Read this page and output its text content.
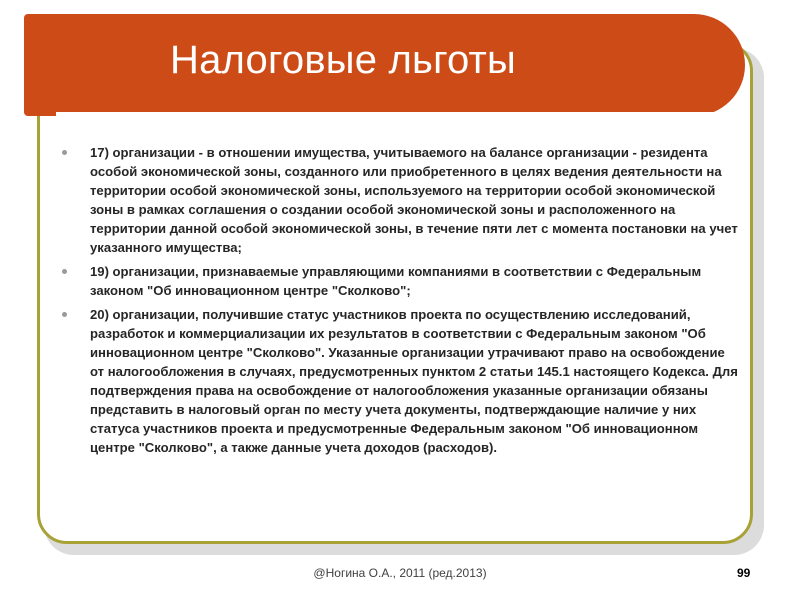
Налоговые льготы
17) организации - в отношении имущества, учитываемого на балансе организации - резидента особой экономической зоны, созданного или приобретенного в целях ведения деятельности на территории особой экономической зоны, используемого на территории особой экономической зоны в рамках соглашения о создании особой экономической зоны и расположенного на территории данной особой экономической зоны, в течение пяти лет с момента постановки на учет указанного имущества;
19) организации, признаваемые управляющими компаниями в соответствии с Федеральным законом "Об инновационном центре "Сколково";
20) организации, получившие статус участников проекта по осуществлению исследований, разработок и коммерциализации их результатов в соответствии с Федеральным законом "Об инновационном центре "Сколково". Указанные организации утрачивают право на освобождение от налогообложения в случаях, предусмотренных пунктом 2 статьи 145.1 настоящего Кодекса. Для подтверждения права на освобождение от налогообложения указанные организации обязаны представить в налоговый орган по месту учета документы, подтверждающие наличие у них статуса участников проекта и предусмотренные Федеральным законом "Об инновационном центре "Сколково", а также данные учета доходов (расходов).
@Ногина О.А., 2011 (ред.2013)	99
